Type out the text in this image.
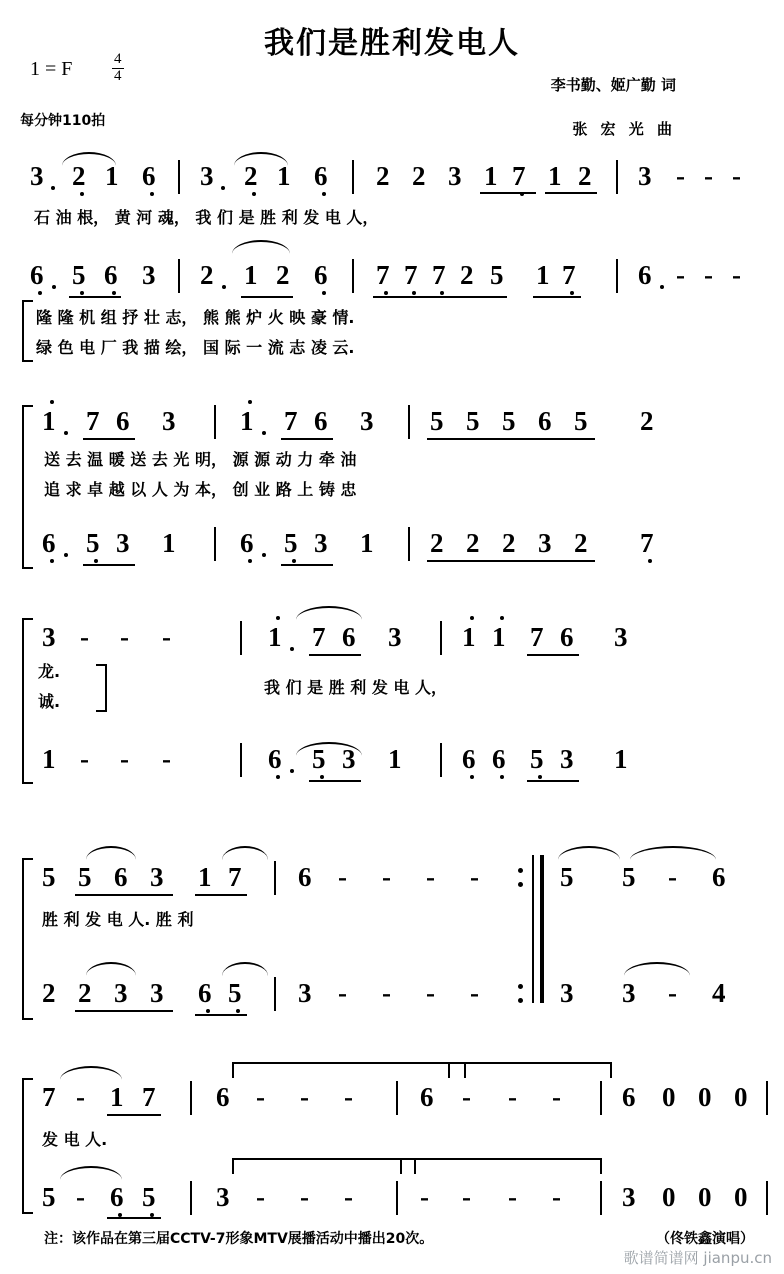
我们是胜利发电人
1 = F	$\frac{4}{4}$
每分钟110拍
李书勤、姬广勤 词
张 宏 光 曲
3 2 1 6 3 2 1 6 2 2 3 1 7 1 2 3 - - -
石 油 根， 黄 河 魂， 我 们 是 胜 利 发 电 人，
6 5 6 3 2 1 2 6 7 7 7 2 5 1 7 6 - - -
隆 隆 机 组 抒 壮 志， 熊 熊 炉 火 映 豪 情.
绿 色 电 厂 我 描 绘， 国 际 一 流 志 凌 云.
1 7 6 3 1 7 6 3 5 5 5 6 5 2
送 去 温 暖 送 去 光 明， 源 源 动 力 牵 油
追 求 卓 越 以 人 为 本， 创 业 路 上 铸 忠
6 5 3 1 6 5 3 1 2 2 2 3 2 7
3 - - -	1 7 6 3 1 1 7 6 3
龙.
诚.
我 们 是 胜 利 发 电 人，
1 - - -	6 5 3 1 6 6 5 3 1
5 5 6 3 1 7 6 - - - -	5 5 - 6
胜 利 发 电 人. 胜 利
2 2 3 3 6 5 3 - - - -	3 3 - 4
7 - 1 7 6 - - - 6 - - - 6 0 0 0
发 电 人.
5 - 6 5 3 - - - - - - - 3 0 0 0
注：该作品在第三届CCTV-7形象MTV展播活动中播出20次。	（佟铁鑫演唱）
歌谱简谱网 jianpu.cn
